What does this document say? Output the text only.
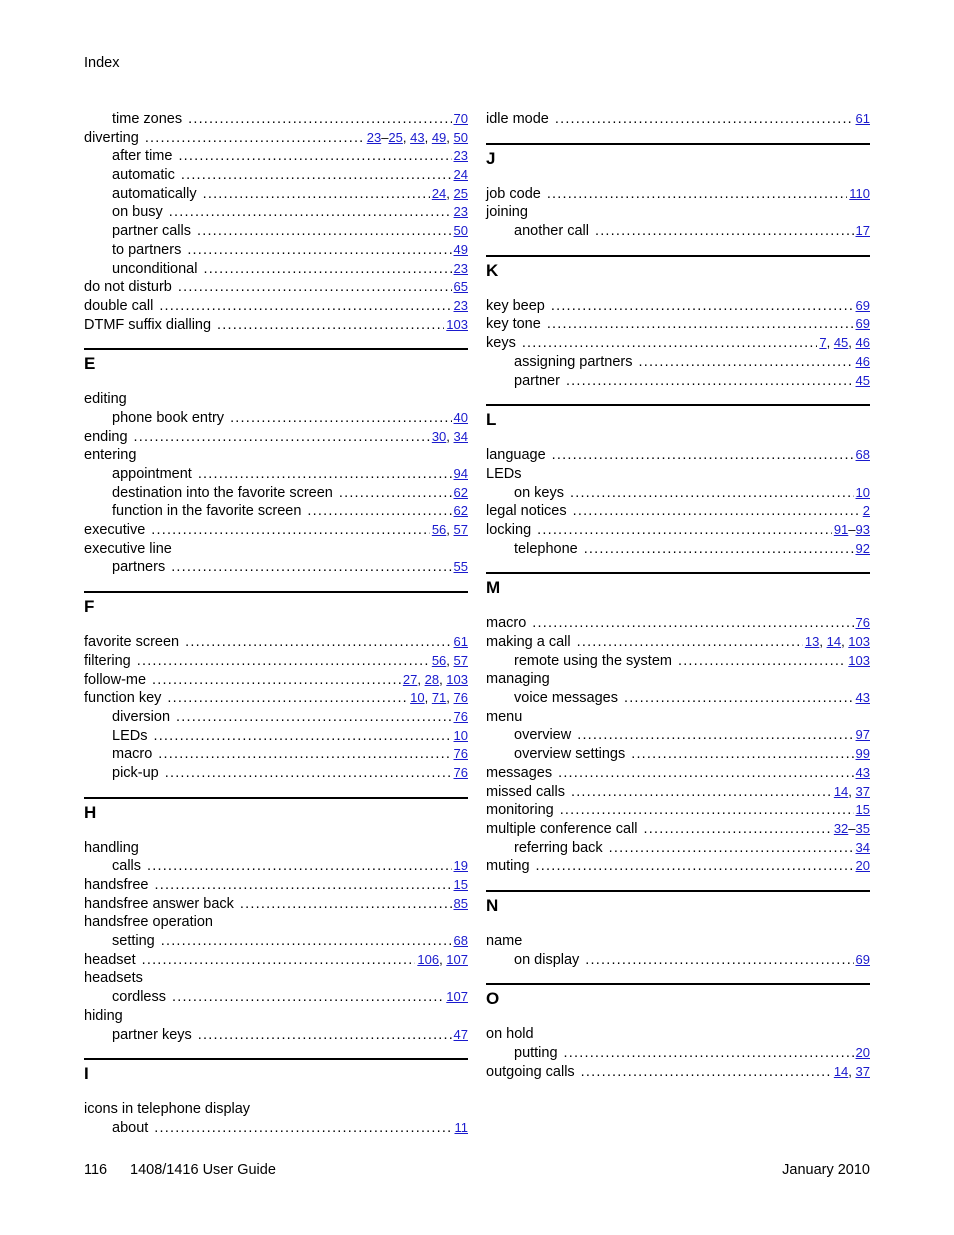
Index
time zones .....	70
diverting .....	23–25, 43, 49, 50
after time .....	23
automatic .....	24
automatically .....	24, 25
on busy .....	23
partner calls .....	50
to partners .....	49
unconditional .....	23
do not disturb .....	65
double call .....	23
DTMF suffix dialling .....	103
E
editing
phone book entry .....	40
ending .....	30, 34
entering
appointment .....	94
destination into the favorite screen .....	62
function in the favorite screen .....	62
executive .....	56, 57
executive line
partners .....	55
F
favorite screen .....	61
filtering .....	56, 57
follow-me .....	27, 28, 103
function key .....	10, 71, 76
diversion .....	76
LEDs .....	10
macro .....	76
pick-up .....	76
H
handling
calls .....	19
handsfree .....	15
handsfree answer back .....	85
handsfree operation
setting .....	68
headset .....	106, 107
headsets
cordless .....	107
hiding
partner keys .....	47
I
icons in telephone display
about .....	11
idle mode .....	61
J
job code .....	110
joining
another call .....	17
K
key beep .....	69
key tone .....	69
keys .....	7, 45, 46
assigning partners .....	46
partner .....	45
L
language .....	68
LEDs
on keys .....	10
legal notices .....	2
locking .....	91–93
telephone .....	92
M
macro .....	76
making a call .....	13, 14, 103
remote using the system .....	103
managing
voice messages .....	43
menu
overview .....	97
overview settings .....	99
messages .....	43
missed calls .....	14, 37
monitoring .....	15
multiple conference call .....	32–35
referring back .....	34
muting .....	20
N
name
on display .....	69
O
on hold
putting .....	20
outgoing calls .....	14, 37
116 1408/1416 User Guide	January 2010
